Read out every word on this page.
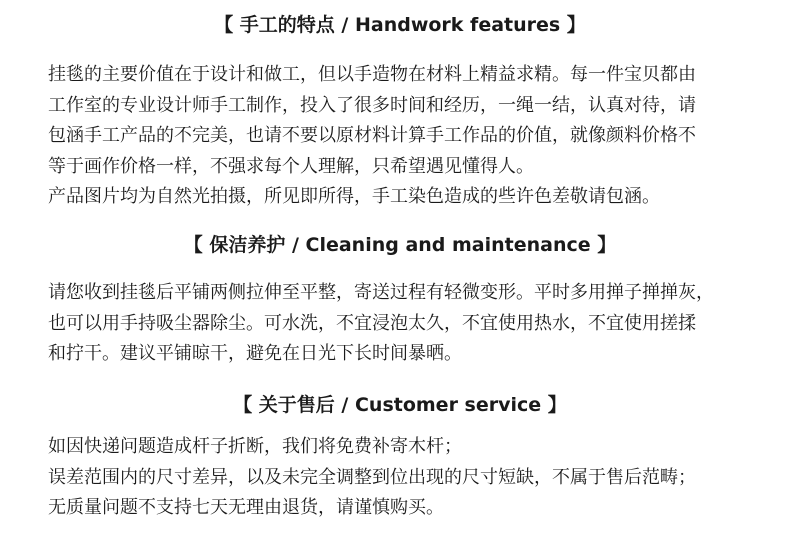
【 手工的特点 / Handwork features 】
挂毯的主要价值在于设计和做工，但以手造物在材料上精益求精。每一件宝贝都由
工作室的专业设计师手工制作，投入了很多时间和经历，一绳一结，认真对待，请
包涵手工产品的不完美，也请不要以原材料计算手工作品的价值，就像颜料价格不
等于画作价格一样，不强求每个人理解，只希望遇见懂得人。
产品图片均为自然光拍摄，所见即所得，手工染色造成的些许色差敬请包涵。
【 保洁养护 / Cleaning and maintenance 】
请您收到挂毯后平铺两侧拉伸至平整，寄送过程有轻微变形。平时多用掸子掸掸灰，
也可以用手持吸尘器除尘。可水洗，不宜浸泡太久，不宜使用热水，不宜使用搓揉
和拧干。建议平铺晾干，避免在日光下长时间暴晒。
【 关于售后 / Customer service 】
如因快递问题造成杆子折断，我们将免费补寄木杆；
误差范围内的尺寸差异，以及未完全调整到位出现的尺寸短缺，不属于售后范畴；
无质量问题不支持七天无理由退货，请谨慎购买。
